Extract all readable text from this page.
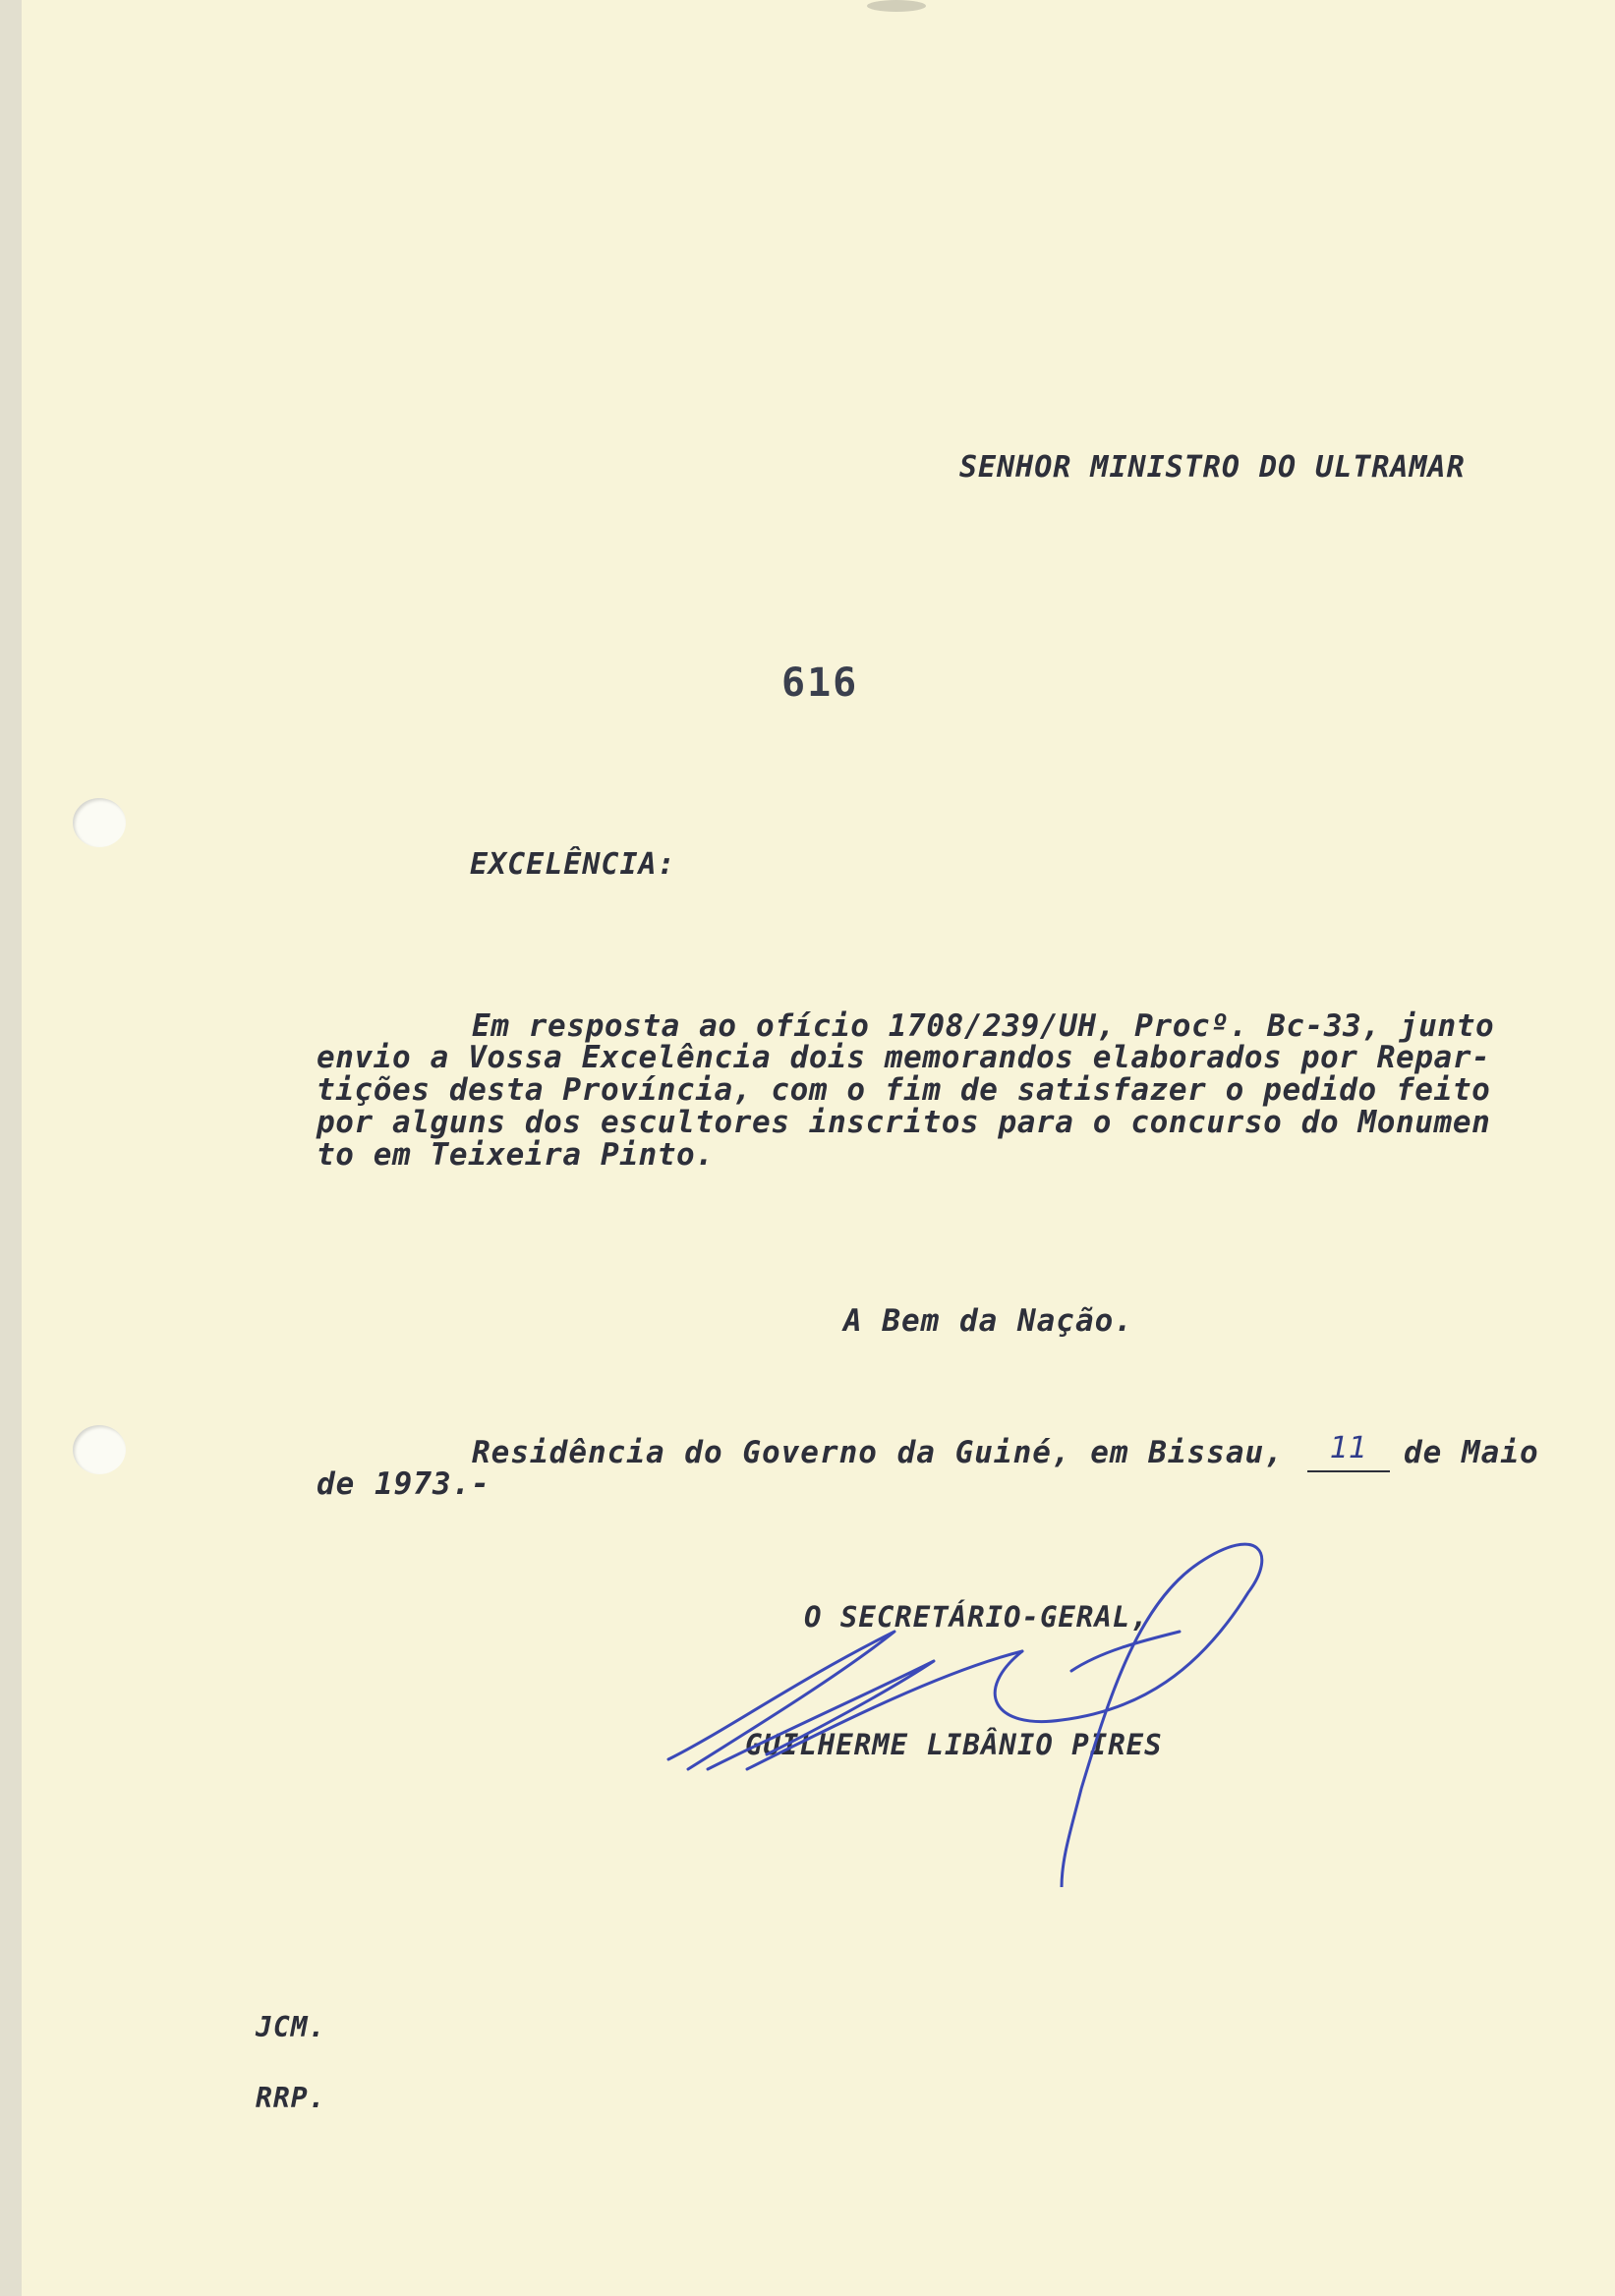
SENHOR MINISTRO DO ULTRAMAR
616
EXCELÊNCIA:
Em resposta ao ofício 1708/239/UH, Procº. Bc-33, junto
envio a Vossa Excelência dois memorandos elaborados por Repar-
tições desta Província, com o fim de satisfazer o pedido feito
por alguns dos escultores inscritos para o concurso do Monumen
to em Teixeira Pinto.
A Bem da Nação.
Residência do Governo da Guiné, em Bissau,	11	de Maio
de 1973.-
O SECRETÁRIO-GERAL,
GUILHERME LIBÂNIO PIRES
JCM.
RRP.
